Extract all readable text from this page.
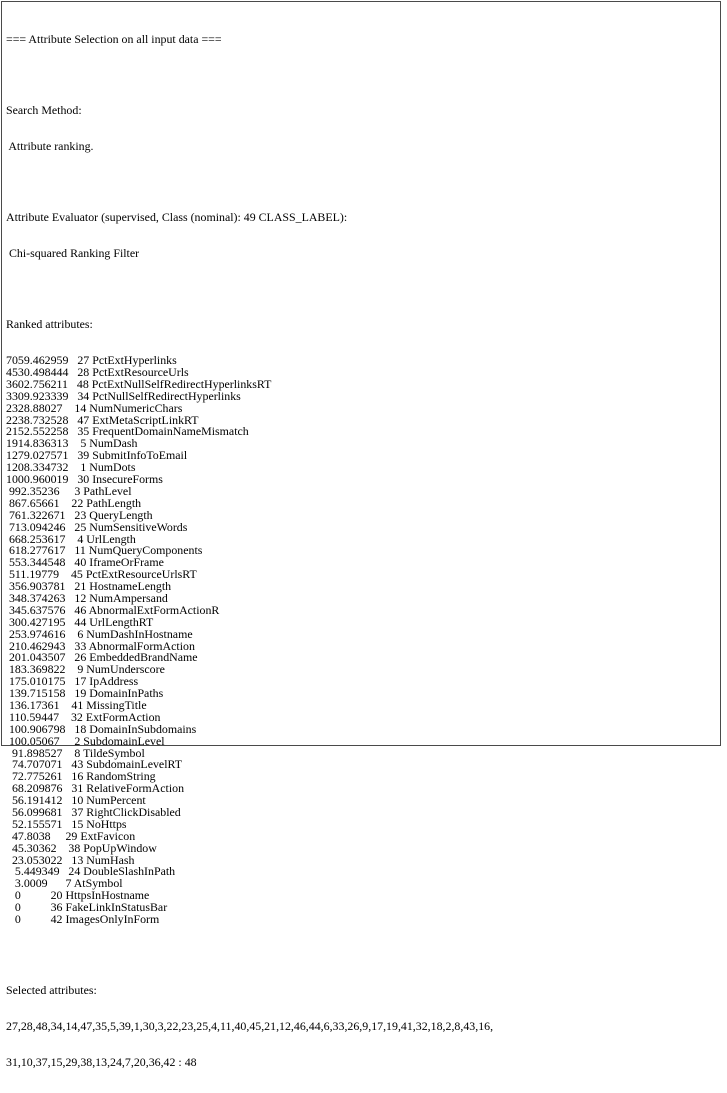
=== Attribute Selection on all input data ===

Search Method:

Attribute ranking.

Attribute Evaluator (supervised, Class (nominal): 49 CLASS_LABEL):

Chi-squared Ranking Filter

Ranked attributes:

7059.462959   27 PctExtHyperlinks
4530.498444   28 PctExtResourceUrls
3602.756211   48 PctExtNullSelfRedirectHyperlinksRT
3309.923339   34 PctNullSelfRedirectHyperlinks
2328.88027    14 NumNumericChars
2238.732528   47 ExtMetaScriptLinkRT
2152.552258   35 FrequentDomainNameMismatch
1914.836313    5 NumDash
1279.027571   39 SubmitInfoToEmail
1208.334732    1 NumDots
1000.960019   30 InsecureForms
992.35236     3 PathLevel
867.65661    22 PathLength
761.322671   23 QueryLength
713.094246   25 NumSensitiveWords
668.253617    4 UrlLength
618.277617   11 NumQueryComponents
553.344548   40 IframeOrFrame
511.19779    45 PctExtResourceUrlsRT
356.903781   21 HostnameLength
348.374263   12 NumAmpersand
345.637576   46 AbnormalExtFormActionR
300.427195   44 UrlLengthRT
253.974616    6 NumDashInHostname
210.462943   33 AbnormalFormAction
201.043507   26 EmbeddedBrandName
183.369822    9 NumUnderscore
175.010175   17 IpAddress
139.715158   19 DomainInPaths
136.17361    41 MissingTitle
110.59447    32 ExtFormAction
100.906798   18 DomainInSubdomains
100.05067     2 SubdomainLevel
91.898527    8 TildeSymbol
74.707071   43 SubdomainLevelRT
72.775261   16 RandomString
68.209876   31 RelativeFormAction
56.191412   10 NumPercent
56.099681   37 RightClickDisabled
52.155571   15 NoHttps
47.8038     29 ExtFavicon
45.30362    38 PopUpWindow
23.053022   13 NumHash
5.449349   24 DoubleSlashInPath
3.0009      7 AtSymbol
0          20 HttpsInHostname
0          36 FakeLinkInStatusBar
0          42 ImagesOnlyInForm

Selected attributes:

27,28,48,34,14,47,35,5,39,1,30,3,22,23,25,4,11,40,45,21,12,46,44,6,33,26,9,17,19,41,32,18,2,8,43,16,

31,10,37,15,29,38,13,24,7,20,36,42 : 48
